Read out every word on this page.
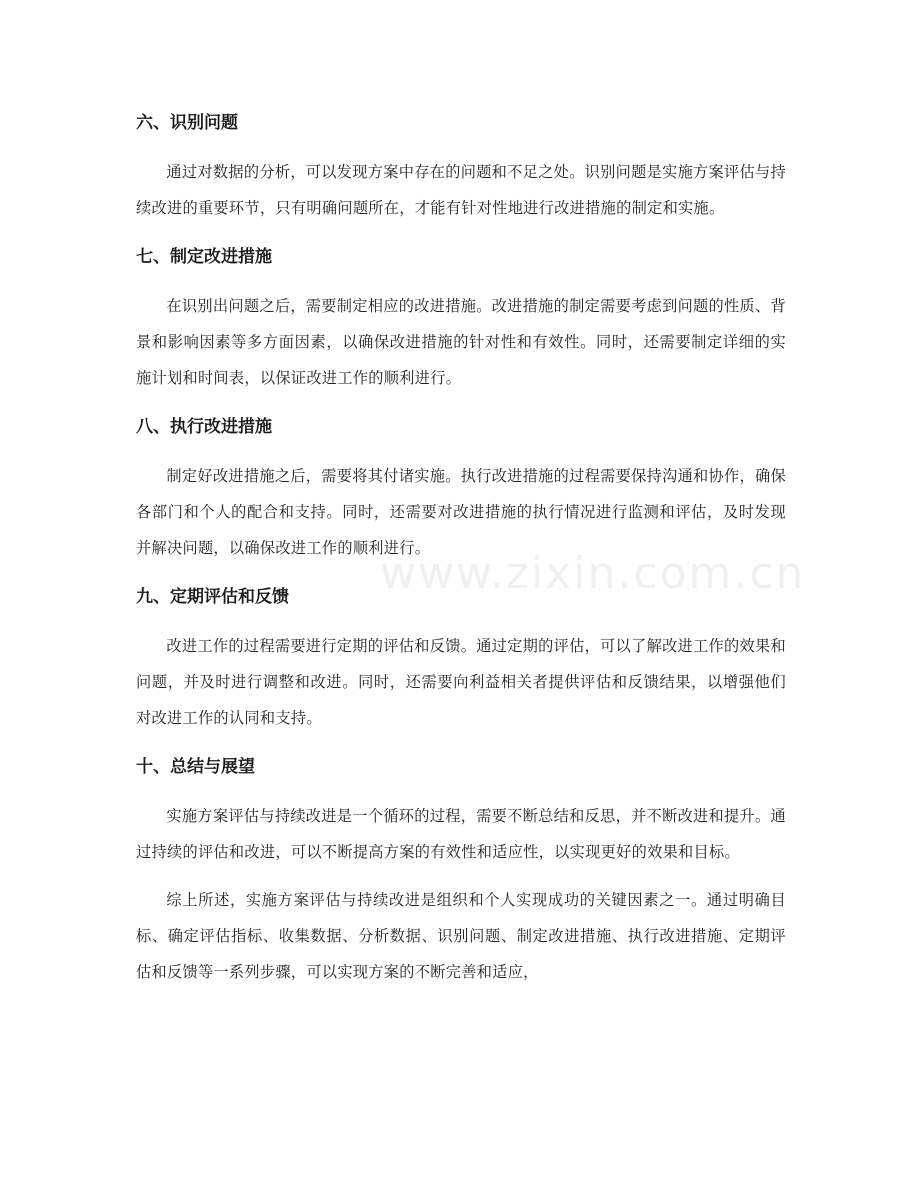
www.zixin.com.cn
六、识别问题

通过对数据的分析，可以发现方案中存在的问题和不足之处。识别问题是实施方案评估与持续改进的重要环节，只有明确问题所在，才能有针对性地进行改进措施的制定和实施。

七、制定改进措施

在识别出问题之后，需要制定相应的改进措施。改进措施的制定需要考虑到问题的性质、背景和影响因素等多方面因素，以确保改进措施的针对性和有效性。同时，还需要制定详细的实施计划和时间表，以保证改进工作的顺利进行。

八、执行改进措施

制定好改进措施之后，需要将其付诸实施。执行改进措施的过程需要保持沟通和协作，确保各部门和个人的配合和支持。同时，还需要对改进措施的执行情况进行监测和评估，及时发现并解决问题，以确保改进工作的顺利进行。

九、定期评估和反馈

改进工作的过程需要进行定期的评估和反馈。通过定期的评估，可以了解改进工作的效果和问题，并及时进行调整和改进。同时，还需要向利益相关者提供评估和反馈结果，以增强他们对改进工作的认同和支持。

十、总结与展望

实施方案评估与持续改进是一个循环的过程，需要不断总结和反思，并不断改进和提升。通过持续的评估和改进，可以不断提高方案的有效性和适应性，以实现更好的效果和目标。

综上所述，实施方案评估与持续改进是组织和个人实现成功的关键因素之一。通过明确目标、确定评估指标、收集数据、分析数据、识别问题、制定改进措施、执行改进措施、定期评估和反馈等一系列步骤，可以实现方案的不断完善和适应，
